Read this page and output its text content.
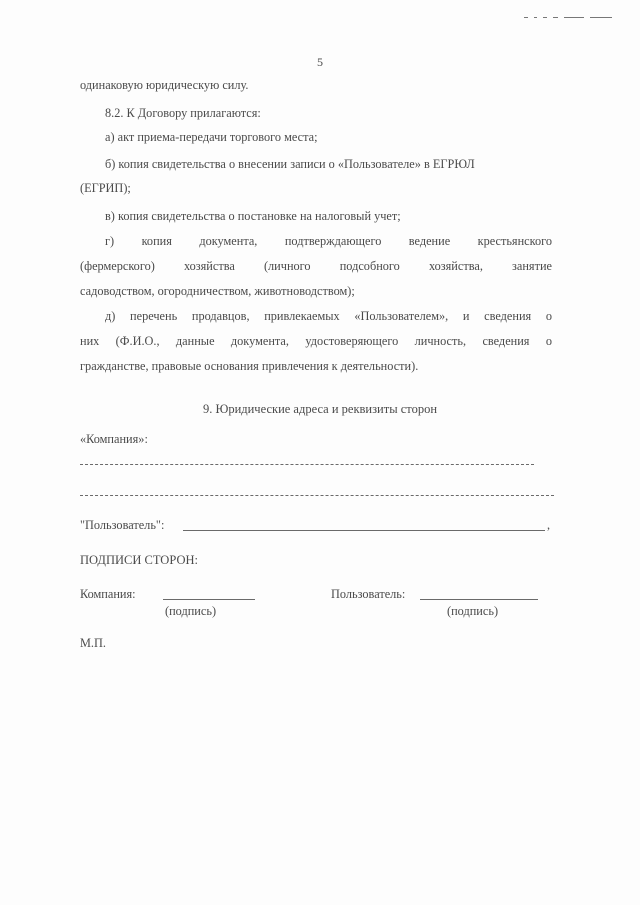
5
одинаковую юридическую силу.
8.2. К Договору прилагаются:
а) акт приема-передачи торгового места;
б) копия свидетельства о внесении записи о «Пользователе» в ЕГРЮЛ
(ЕГРИП);
в) копия свидетельства о постановке на налоговый учет;
г) копия документа, подтверждающего ведение крестьянского
(фермерского) хозяйства (личного подсобного хозяйства, занятие
садоводством, огородничеством, животноводством);
д) перечень продавцов, привлекаемых «Пользователем», и сведения о
них (Ф.И.О., данные документа, удостоверяющего личность, сведения о
гражданстве, правовые основания привлечения к деятельности).
9. Юридические адреса и реквизиты сторон
«Компания»:
"Пользователь":	,
ПОДПИСИ СТОРОН:
Компания:
(подпись)
Пользователь:
(подпись)
М.П.
